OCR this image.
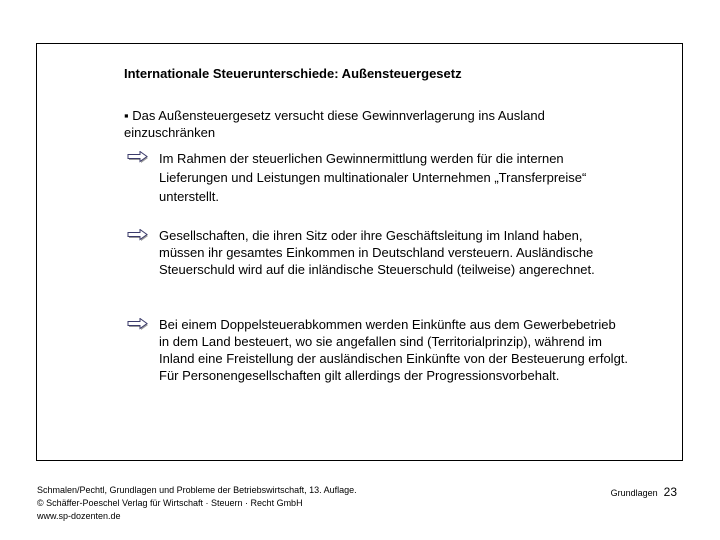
Internationale Steuerunterschiede: Außensteuergesetz
▪ Das Außensteuergesetz versucht diese Gewinnverlagerung ins Ausland einzuschränken
Im Rahmen der steuerlichen Gewinnermittlung werden für die internen Lieferungen und Leistungen multinationaler Unternehmen „Transferpreise“ unterstellt.
Gesellschaften, die ihren Sitz oder ihre Geschäftsleitung im Inland haben, müssen ihr gesamtes Einkommen in Deutschland versteuern. Ausländische Steuerschuld wird auf die inländische Steuerschuld (teilweise) angerechnet.
Bei einem Doppelsteuerabkommen werden Einkünfte aus dem Gewerbebetrieb in dem Land besteuert, wo sie angefallen sind (Territorialprinzip), während im Inland eine Freistellung der ausländischen Einkünfte von der Besteuerung erfolgt. Für Personengesellschaften gilt allerdings der Progressionsvorbehalt.
Schmalen/Pechtl, Grundlagen und Probleme der Betriebswirtschaft, 13. Auflage.
© Schäffer-Poeschel Verlag für Wirtschaft · Steuern · Recht GmbH
www.sp-dozenten.de
Grundlagen 23
